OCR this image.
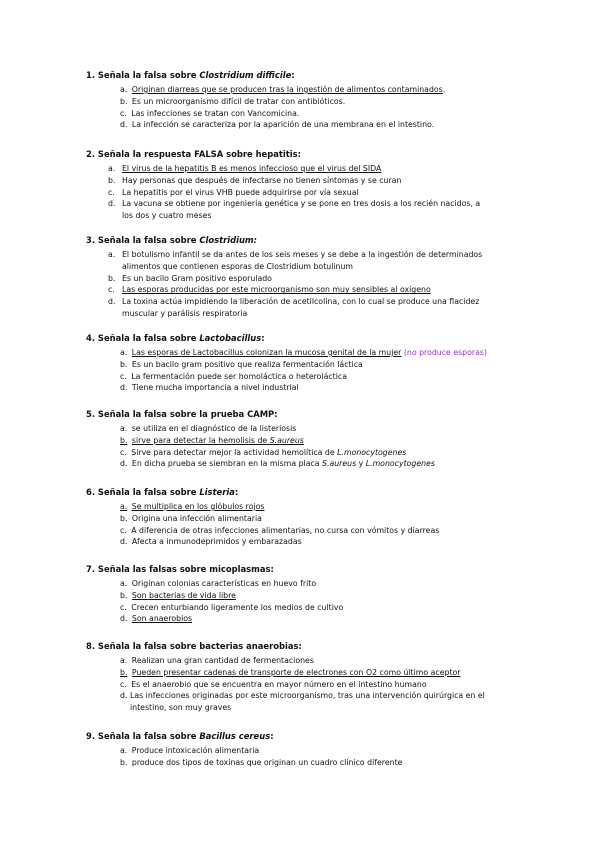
1. Señala la falsa sobre Clostridium difficile:
a. Originan diarreas que se producen tras la ingestión de alimentos contaminados.
b. Es un microorganismo difícil de tratar con antibióticos.
c. Las infecciones se tratan con Vancomicina.
d. La infección se caracteriza por la aparición de una membrana en el intestino.
2. Señala la respuesta FALSA sobre hepatitis:
a. El virus de la hepatitis B es menos infeccioso que el virus del SIDA
b. Hay personas que después de infectarse no tienen síntomas y se curan
c. La hepatitis por el virus VHB puede adquirirse por vía sexual
d. La vacuna se obtiene por ingeniería genética y se pone en tres dosis a los recién nacidos, a los dos y cuatro meses
3. Señala la falsa sobre Clostridium:
a. El botulismo infantil se da antes de los seis meses y se debe a la ingestión de determinados alimentos que contienen esporas de Clostridium botulinum
b. Es un bacilo Gram positivo esporulado
c. Las esporas producidas por este microorganismo son muy sensibles al oxígeno
d. La toxina actúa impidiendo la liberación de acetilcolina, con lo cual se produce una flacidez muscular y parálisis respiratoria
4. Señala la falsa sobre Lactobacillus:
a. Las esporas de Lactobacillus colonizan la mucosa genital de la mujer (no produce esporas)
b. Es un bacilo gram positivo que realiza fermentación láctica
c. La fermentación puede ser homoláctica o heteroláctica
d. Tiene mucha importancia a nivel industrial
5. Señala la falsa sobre la prueba CAMP:
a. se utiliza en el diagnóstico de la listeriosis
b. sirve para detectar la hemolisis de S.aureus
c. Sirve para detectar mejor la actividad hemolítica de L.monocytogenes
d. En dicha prueba se siembran en la misma placa S.aureus y L.monocytogenes
6. Señala la falsa sobre Listeria:
a. Se multiplica en los glóbulos rojos
b. Origina una infección alimentaria
c. A diferencia de otras infecciones alimentarias, no cursa con vómitos y diarreas
d. Afecta a inmunodeprimidos y embarazadas
7. Señala las falsas sobre micoplasmas:
a. Originan colonias características en huevo frito
b. Son bacterias de vida libre
c. Crecen enturbiando ligeramente los medios de cultivo
d. Son anaerobios
8. Señala la falsa sobre bacterias anaerobias:
a. Realizan una gran cantidad de fermentaciones
b. Pueden presentar cadenas de transporte de electrones con O2 como último aceptor
c. Es el anaerobio que se encuentra en mayor número en el intestino humano
d. Las infecciones originadas por este microorganismo, tras una intervención quirúrgica en el intestino, son muy graves
9. Señala la falsa sobre Bacillus cereus:
a. Produce intoxicación alimentaria
b. produce dos tipos de toxinas que originan un cuadro clínico diferente
